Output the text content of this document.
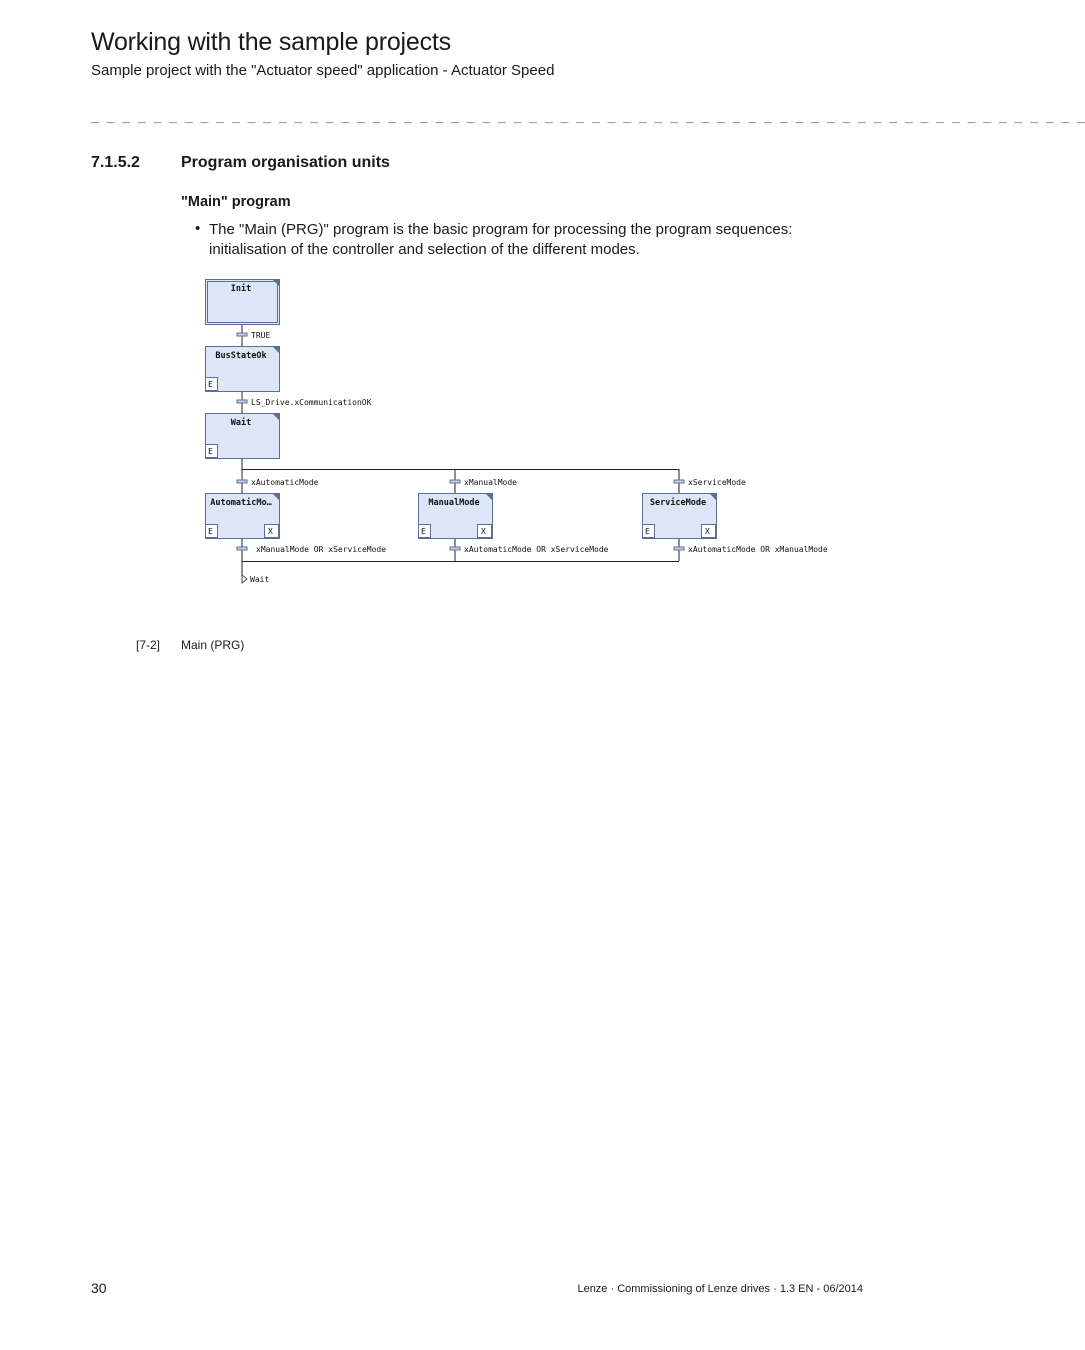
Working with the sample projects
Sample project with the "Actuator speed" application - Actuator Speed
_ _ _ _ _ _ _ _ _ _ _ _ _ _ _ _ _ _ _ _ _ _ _ _ _ _ _ _ _ _ _ _ _ _ _ _ _ _ _ _ _ _ _ _ _ _ _ _ _ _ _ _ _ _ _ _ _ _ _ _ _ _ _ _
7.1.5.2	Program organisation units
"Main" program
• The "Main (PRG)" program is the basic program for processing the program sequences: initialisation of the controller and selection of the different modes.
Init
BusStateOk
E
Wait
E
AutomaticMo…
E	X
ManualMode
E	X
ServiceMode
E	X
TRUE
LS_Drive.xCommunicationOK
xAutomaticMode	xManualMode	xServiceMode
xManualMode OR xServiceMode	xAutomaticMode OR xServiceMode	xAutomaticMode OR xManualMode
Wait
[7-2] Main (PRG)
30	Lenze · Commissioning of Lenze drives · 1.3 EN - 06/2014
